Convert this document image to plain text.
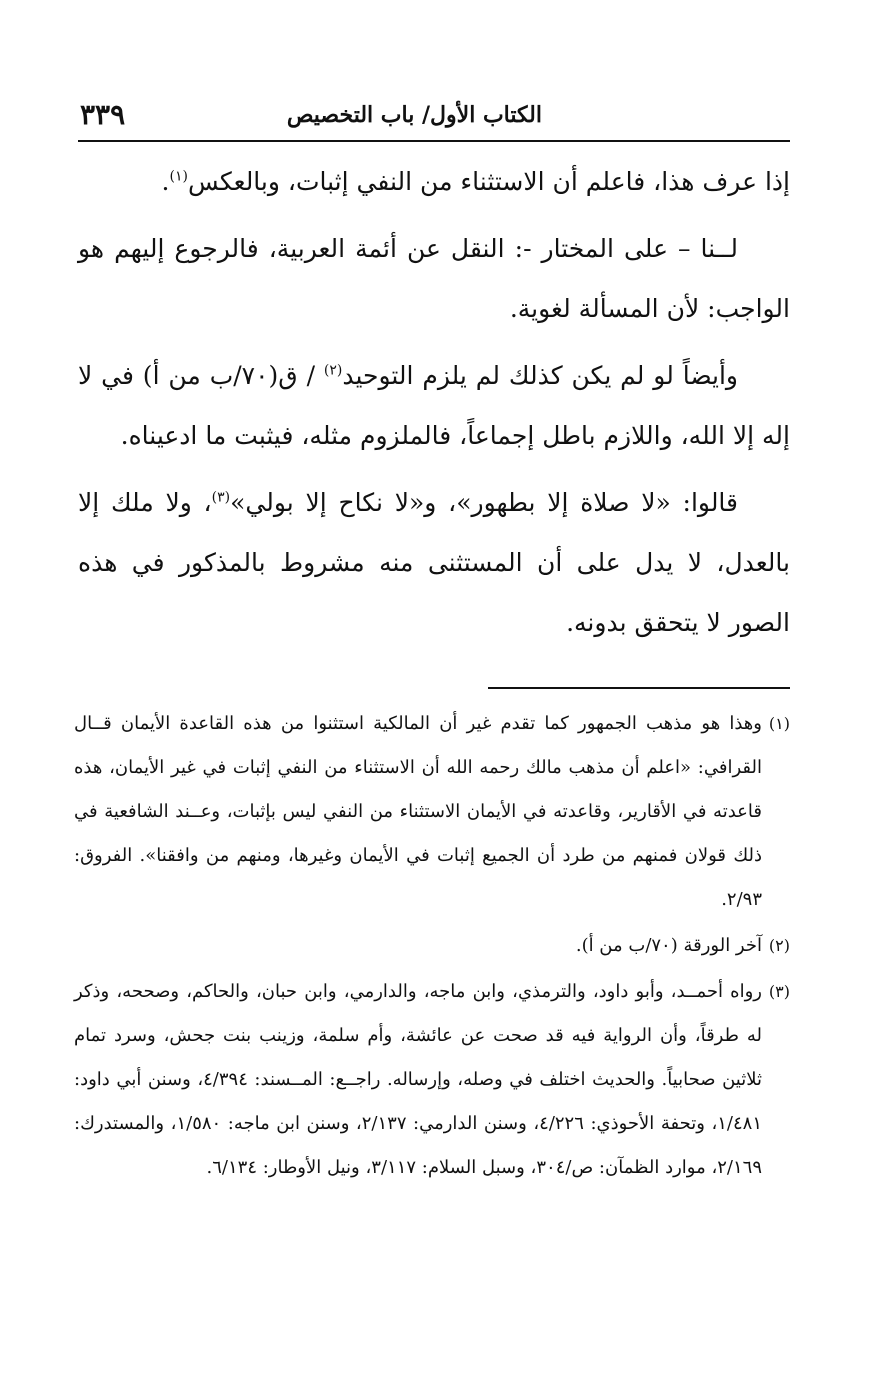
الكتاب الأول/ باب التخصيص
٣٣٩

إذا عرف هذا، فاعلم أن الاستثناء من النفي إثبات، وبالعكس$^{(١)}$.

لــنا – على المختار -: النقل عن أئمة العربية، فالرجوع إليهم هو الواجب: لأن المسألة لغوية.

وأيضاً لو لم يكن كذلك لم يلزم التوحيد$^{(٢)}$ / ق(٧٠/ب من أ) في لا إله إلا الله، واللازم باطل إجماعاً، فالملزوم مثله، فيثبت ما ادعيناه.

قالوا: «لا صلاة إلا بطهور»، و«لا نكاح إلا بولي»$^{(٣)}$، ولا ملك إلا بالعدل، لا يدل على أن المستثنى منه مشروط بالمذكور في هذه الصور لا يتحقق بدونه.

(١)
وهذا هو مذهب الجمهور كما تقدم غير أن المالكية استثنوا من هذه القاعدة الأيمان قــال القرافي: «اعلم أن مذهب مالك رحمه الله أن الاستثناء من النفي إثبات في غير الأيمان، هذه قاعدته في الأقارير، وقاعدته في الأيمان الاستثناء من النفي ليس بإثبات، وعــند الشافعية في ذلك قولان فمنهم من طرد أن الجميع إثبات في الأيمان وغيرها، ومنهم من وافقنا». الفروق: ٢/٩٣.
(٢)
آخر الورقة (٧٠/ب من أ).
(٣)
رواه أحمــد، وأبو داود، والترمذي، وابن ماجه، والدارمي، وابن حبان، والحاكم، وصححه، وذكر له طرقاً، وأن الرواية فيه قد صحت عن عائشة، وأم سلمة، وزينب بنت جحش، وسرد تمام ثلاثين صحابياً. والحديث اختلف في وصله، وإرساله. راجــع: المــسند: ٤/٣٩٤، وسنن أبي داود: ١/٤٨١، وتحفة الأحوذي: ٤/٢٢٦، وسنن الدارمي: ٢/١٣٧، وسنن ابن ماجه: ١/٥٨٠، والمستدرك: ٢/١٦٩، موارد الظمآن: ص/٣٠٤، وسبل السلام: ٣/١١٧، ونيل الأوطار: ٦/١٣٤.
